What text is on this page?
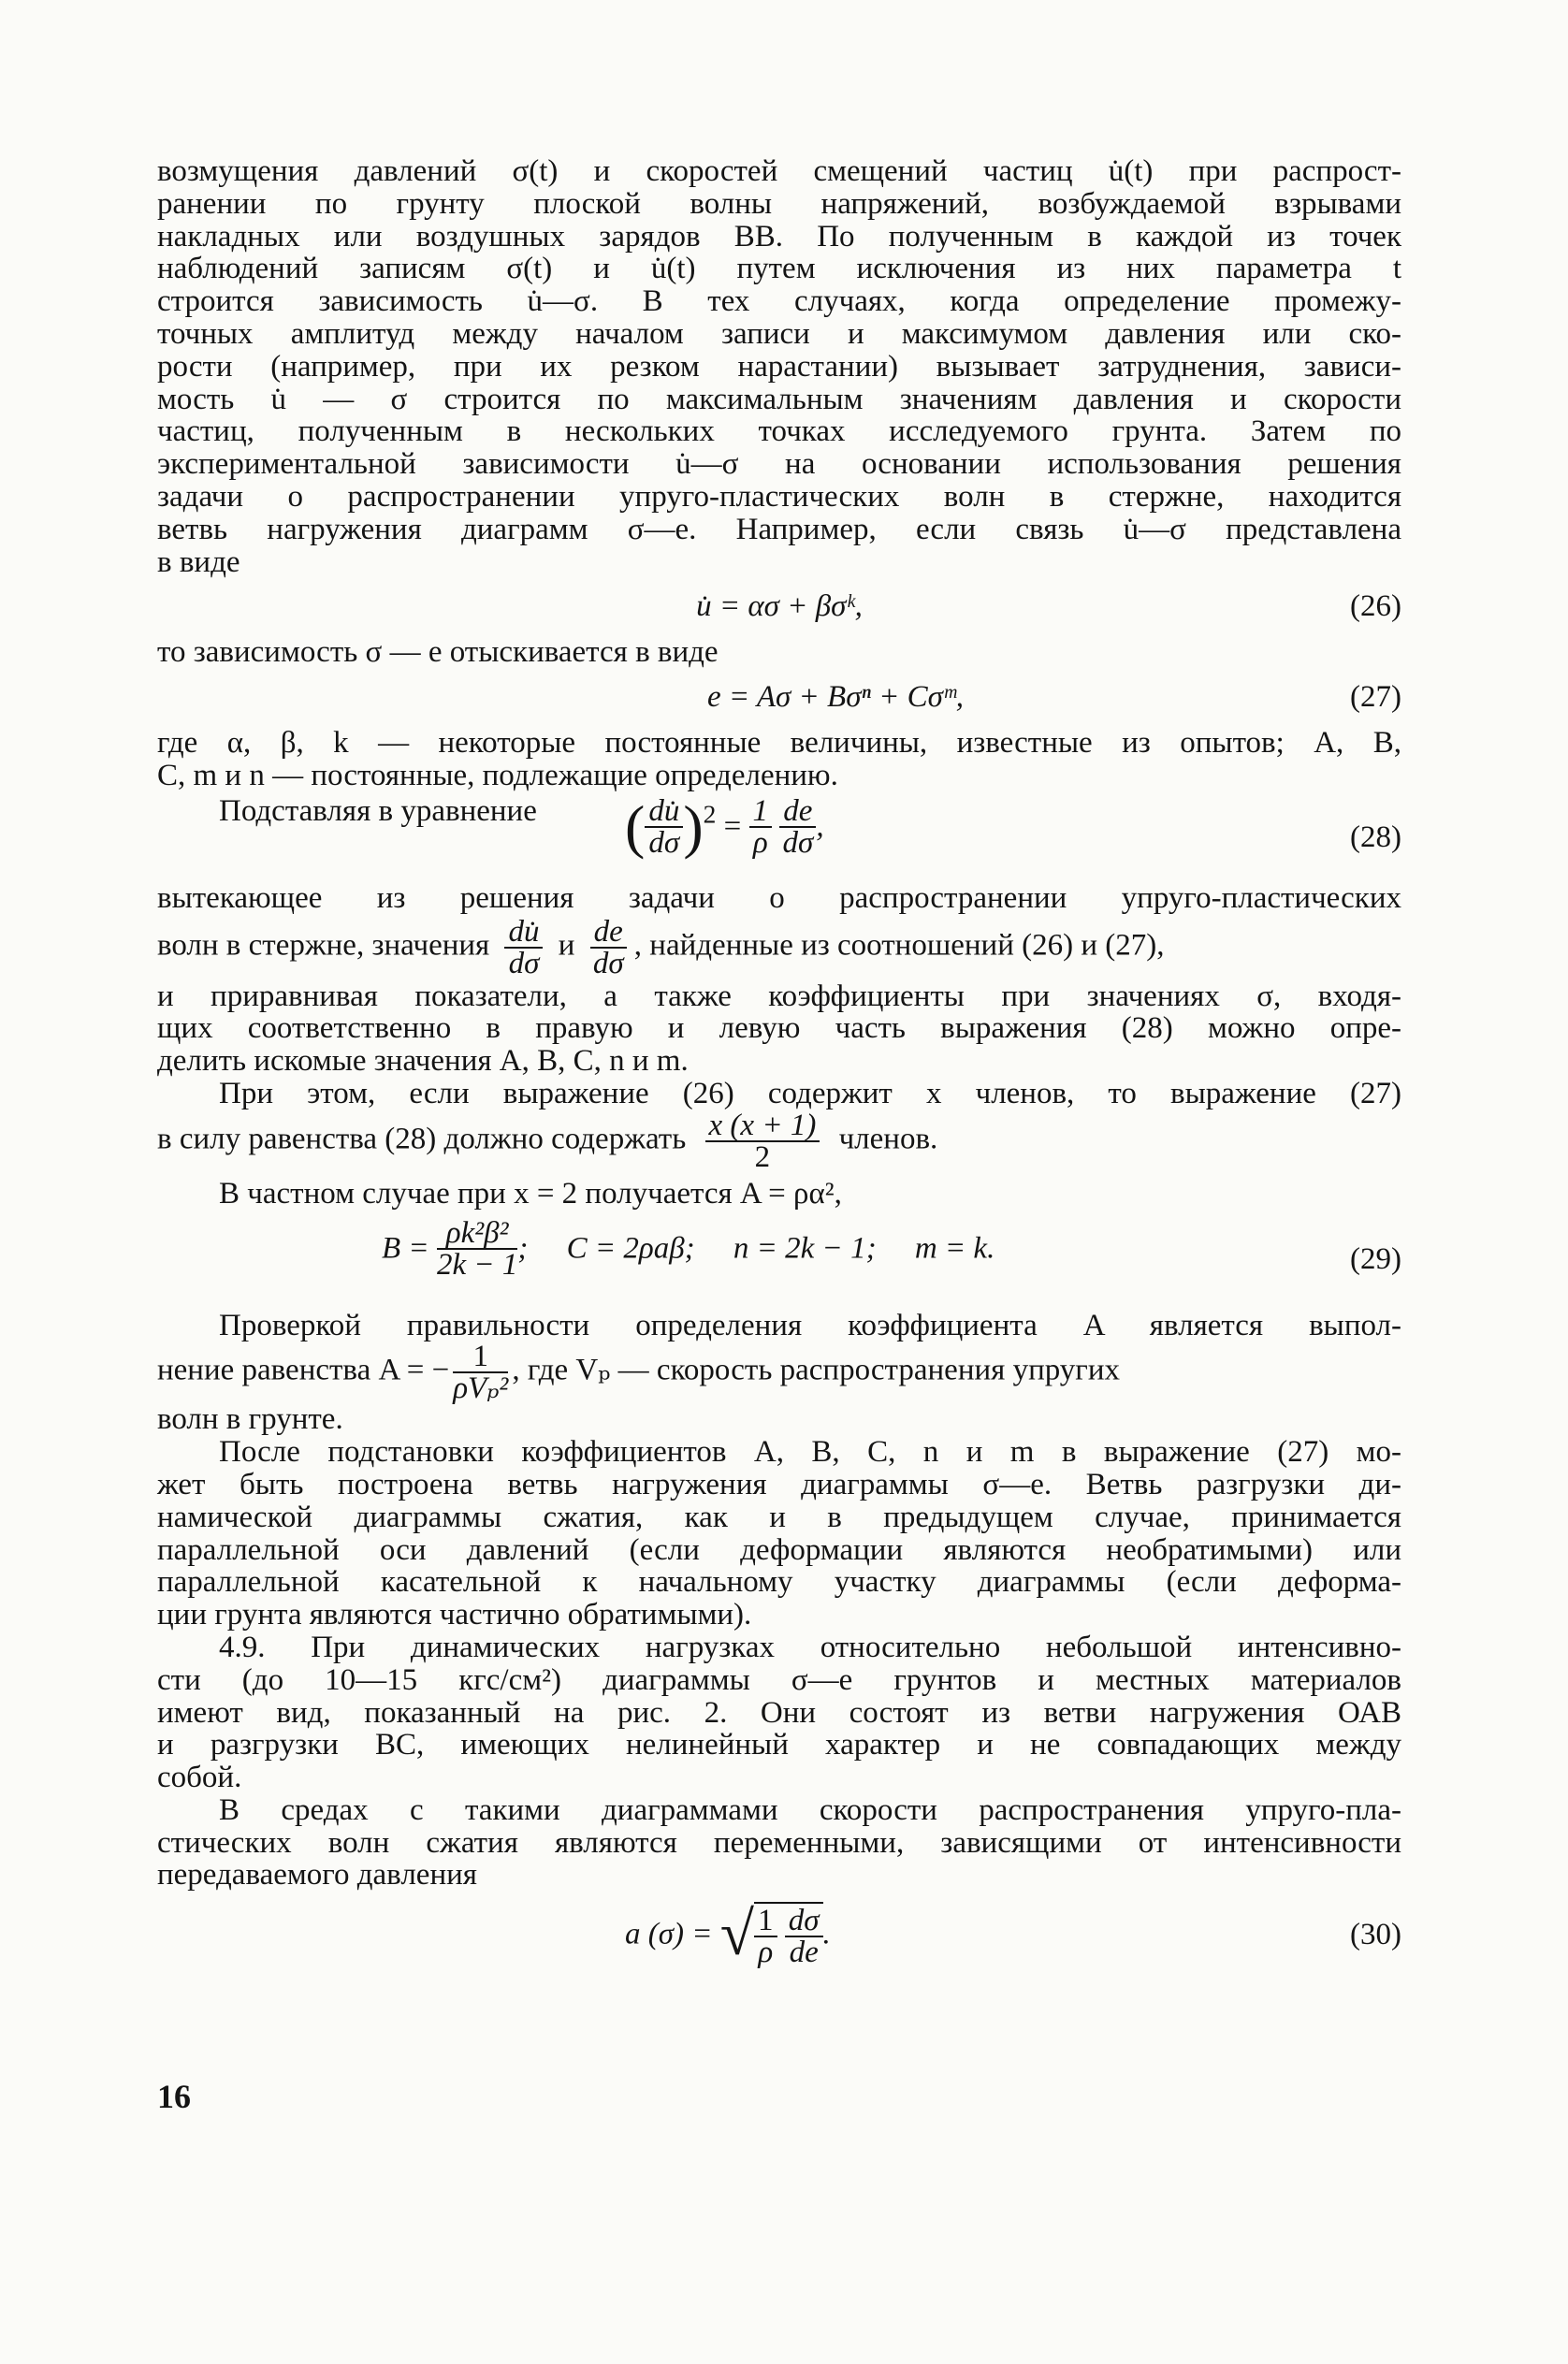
возмущения давлений σ(t) и скоростей смещений частиц u̇(t) при распрост-
ранении по грунту плоской волны напряжений, возбуждаемой взрывами
накладных или воздушных зарядов ВВ. По полученным в каждой из точек
наблюдений записям σ(t) и u̇(t) путем исключения из них параметра t
строится зависимость u̇—σ. В тех случаях, когда определение промежу-
точных амплитуд между началом записи и максимумом давления или ско-
рости (например, при их резком нарастании) вызывает затруднения, зависи-
мость u̇ — σ строится по максимальным значениям давления и скорости
частиц, полученным в нескольких точках исследуемого грунта. Затем по
экспериментальной зависимости u̇—σ на основании использования решения
задачи о распространении упруго-пластических волн в стержне, находится
ветвь нагружения диаграмм σ—e. Например, если связь u̇—σ представлена
в виде

u̇ = ασ + βσᵏ,	(26)

то зависимость σ — e отыскивается в виде

e = Aσ + Bσⁿ + Cσᵐ,	(27)

где α, β, k — некоторые постоянные величины, известные из опытов; A, B,
C, m и n — постоянные, подлежащие определению.

Подставляя в уравнение ( $\frac{du̇}{d\sigma} )^2 = \frac{1}{\rho}$
$\frac{de}{d\sigma}$ ,	(28)

вытекающее из решения задачи о распространении упруго-пластических

волн в стержне, значения $\frac{du̇}{d\sigma}$ и $\frac{de}{d\sigma}$ , найденные из соотношений (26) и (27),

и приравнивая показатели, а также коэффициенты при значениях σ, входя-
щих соответственно в правую и левую часть выражения (28) можно опре-
делить искомые значения A, B, C, n и m.

При этом, если выражение (26) содержит x членов, то выражение (27)

в силу равенства (28) должно содержать $\frac{x (x + 1)}{2}$ членов.

В частном случае при x = 2 получается A = ρα²,

$B = \frac{\text{ρk²β²}}{2k - 1}$ ;     C = 2ρaβ;     n = 2k − 1;     m = k.	(29)

Проверкой правильности определения коэффициента A является выпол-

нение равенства A = − $\frac{1}{\text{ρVₚ²}}$ , где Vₚ — скорость распространения упругих

волн в грунте.

После подстановки коэффициентов A, B, C, n и m в выражение (27) мо-
жет быть построена ветвь нагружения диаграммы σ—e. Ветвь разгрузки ди-
намической диаграммы сжатия, как и в предыдущем случае, принимается
параллельной оси давлений (если деформации являются необратимыми) или
параллельной касательной к начальному участку диаграммы (если деформа-
ции грунта являются частично обратимыми).

4.9. При динамических нагрузках относительно небольшой интенсивно-
сти (до 10—15 кгс/см²) диаграммы σ—e грунтов и местных материалов
имеют вид, показанный на рис. 2. Они состоят из ветви нагружения ОАВ
и разгрузки ВС, имеющих нелинейный характер и не совпадающих между
собой.

В средах с такими диаграммами скорости распространения упруго-пла-
стических волн сжатия являются переменными, зависящими от интенсивности
передаваемого давления

a (σ) = √ $\frac{1}{\rho}$
$\frac{d\sigma}{de}$ .	(30)
16
